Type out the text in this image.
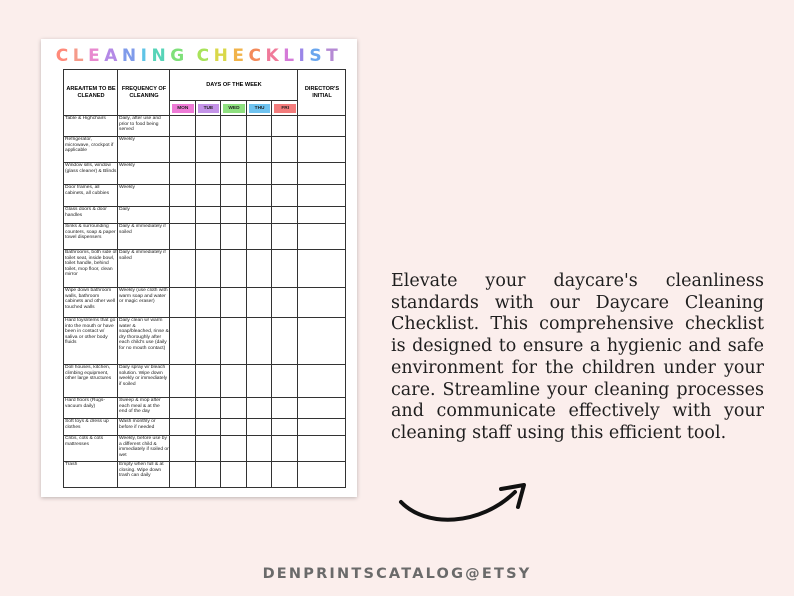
CLEANING CHECKLIST
AREA/ITEM TO BE CLEANED	FREQUENCY OF CLEANING	DAYS OF THE WEEK					DIRECTOR'S INITIAL

		MON	TUE	WED	THU	FRI	

Table & Highchairs	Daily, after use and prior to food being served						
Refrigerator, microwave, crockpot if applicable	Weekly						
Window sills, window (glass cleaner) & Blinds	Weekly						
Door frames, all cabinets, all cubbies	Weekly						
Glass doors & door handles	Daily						
Sinks & surrounding counters, soap & paper towel dispensers	Daily & immediately if soiled						
Bathrooms, both side of toilet seat, inside bowl, toilet handle, behind toilet, mop floor, clean mirror	Daily & immediately if soiled						
Wipe down bathroom walls, bathroom cabinets and other well touched walls	Weekly (use cloth with warm soap and water or magic eraser)						
Hard toys/items that go into the mouth or have been in contact w/ saliva or other body fluids	Daily clean w/ warm water & soap/bleached, rinse & dry thoroughly after each child's use (daily for no mouth contact)						
Doll houses, kitchen, climbing equipment, other large structures	Daily spray w/ bleach solution. Wipe down weekly or immediately if soiled						
Hard floors (Rugs-vacuum daily)	Sweep & mop after each meal & at the end of the day						
Soft toys & dress up clothes	Wash monthly or before if needed						
Cribs, cots & cots mattresses	Weekly, before use by a different child & immediately if soiled or wet						
Trash	Empty when full & at closing. Wipe down trash can daily						
Elevate your daycare's cleanliness standards with our Daycare Cleaning Checklist. This comprehensive checklist is designed to ensure a hygienic and safe environment for the children under your care. Streamline your cleaning processes and communicate effectively with your cleaning staff using this efficient tool.
DENPRINTSCATALOG@ETSY
